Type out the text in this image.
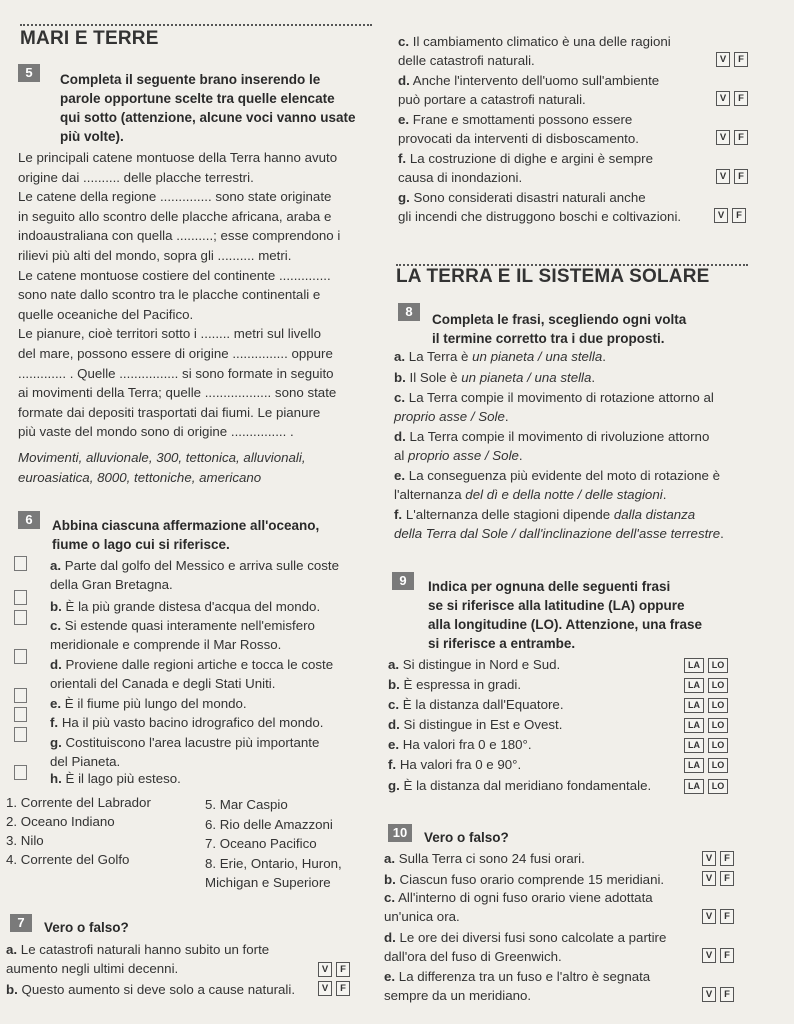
MARI E TERRE
5	Completa il seguente brano inserendo le
parole opportune scelte tra quelle elencate
qui sotto (attenzione, alcune voci vanno usate
più volte).

Le principali catene montuose della Terra hanno avuto

origine dai .......... delle placche terrestri.

Le catene della regione .............. sono state originate

in seguito allo scontro delle placche africana, araba e

indoaustraliana con quella ..........; esse comprendono i

rilievi più alti del mondo, sopra gli .......... metri.

Le catene montuose costiere del continente ..............

sono nate dallo scontro tra le placche continentali e

quelle oceaniche del Pacifico.

Le pianure, cioè territori sotto i ........ metri sul livello

del mare, possono essere di origine ............... oppure

............. . Quelle ................ si sono formate in seguito

ai movimenti della Terra; quelle .................. sono state

formate dai depositi trasportati dai fiumi. Le pianure

più vaste del mondo sono di origine ............... .

Movimenti, alluvionale, 300, tettonica, alluvionali,

euroasiatica, 8000, tettoniche, americano

6	Abbina ciascuna affermazione all'oceano,
fiume o lago cui si riferisce.
a. Parte dal golfo del Messico e arriva sulle coste
della Gran Bretagna.
b. È la più grande distesa d'acqua del mondo.
c. Si estende quasi interamente nell'emisfero
meridionale e comprende il Mar Rosso.
d. Proviene dalle regioni artiche e tocca le coste
orientali del Canada e degli Stati Uniti.
e. È il fiume più lungo del mondo.
f. Ha il più vasto bacino idrografico del mondo.
g. Costituiscono l'area lacustre più importante
del Pianeta.
h. È il lago più esteso.
1. Corrente del Labrador
2. Oceano Indiano
3. Nilo
4. Corrente del Golfo
5. Mar Caspio
6. Rio delle Amazzoni
7. Oceano Pacifico
8. Erie, Ontario, Huron,
Michigan e Superiore
7	Vero o falso?
a. Le catastrofi naturali hanno subito un forte
aumento negli ultimi decenni.	V	F
b. Questo aumento si deve solo a cause naturali.	V	F
c. Il cambiamento climatico è una delle ragioni
delle catastrofi naturali.	V	F
d. Anche l'intervento dell'uomo sull'ambiente
può portare a catastrofi naturali.	V	F
e. Frane e smottamenti possono essere
provocati da interventi di disboscamento.	V	F
f. La costruzione di dighe e argini è sempre
causa di inondazioni.	V	F
g. Sono considerati disastri naturali anche
gli incendi che distruggono boschi e coltivazioni.	V	F
LA TERRA E IL SISTEMA SOLARE
8
Completa le frasi, scegliendo ogni volta
il termine corretto tra i due proposti.
a. La Terra è un pianeta / una stella.
b. Il Sole è un pianeta / una stella.
c. La Terra compie il movimento di rotazione attorno al
proprio asse / Sole.
d. La Terra compie il movimento di rivoluzione attorno
al proprio asse / Sole.
e. La conseguenza più evidente del moto di rotazione è
l'alternanza del dì e della notte / delle stagioni.
f. L'alternanza delle stagioni dipende dalla distanza
della Terra dal Sole / dall'inclinazione dell'asse terrestre.
9	Indica per ognuna delle seguenti frasi
se si riferisce alla latitudine (LA) oppure
alla longitudine (LO). Attenzione, una frase
si riferisce a entrambe.
a. Si distingue in Nord e Sud.	LA	LO
b. È espressa in gradi.	LA	LO
c. È la distanza dall'Equatore.	LA	LO
d. Si distingue in Est e Ovest.	LA	LO
e. Ha valori fra 0 e 180°.	LA	LO
f. Ha valori fra 0 e 90°.	LA	LO
g. È la distanza dal meridiano fondamentale.	LA	LO
10	Vero o falso?
a. Sulla Terra ci sono 24 fusi orari.	V	F
b. Ciascun fuso orario comprende 15 meridiani.	V	F
c. All'interno di ogni fuso orario viene adottata
un'unica ora.	V	F
d. Le ore dei diversi fusi sono calcolate a partire
dall'ora del fuso di Greenwich.	V	F
e. La differenza tra un fuso e l'altro è segnata
sempre da un meridiano.	V	F
